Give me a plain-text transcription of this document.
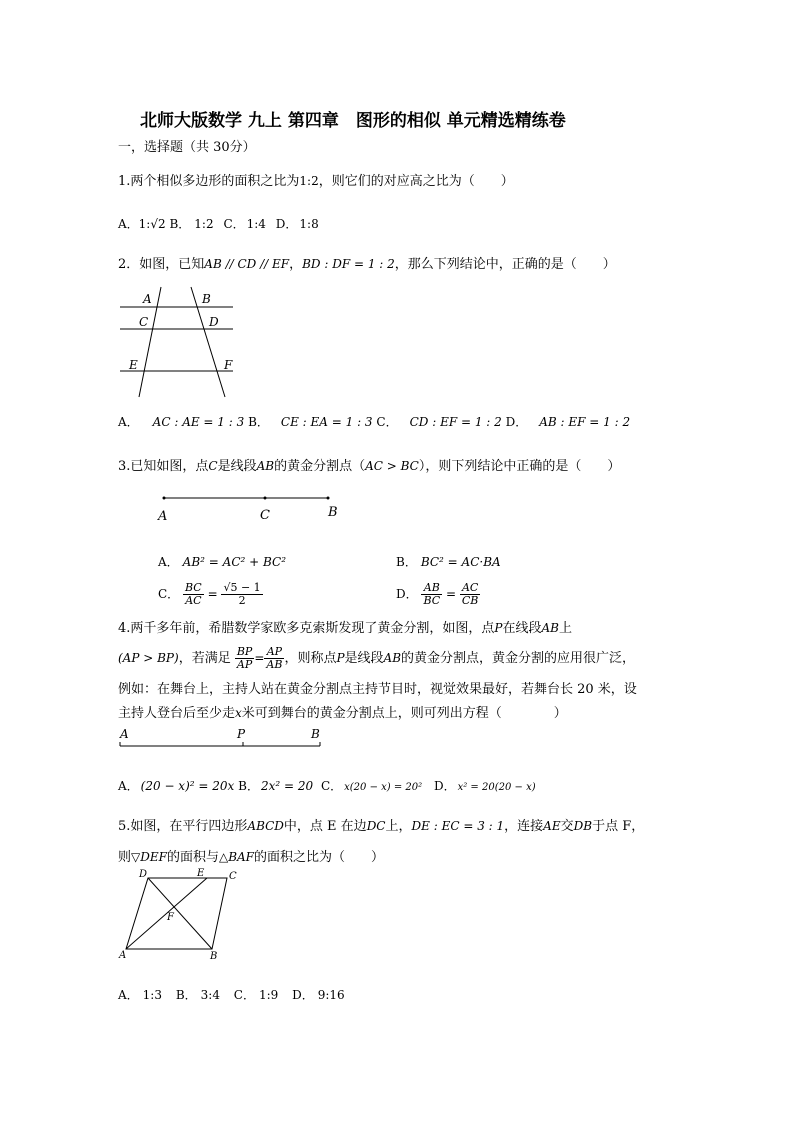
北师大版数学 九上 第四章　图形的相似 单元精选精练卷
一，选择题（共 30分）
1.两个相似多边形的面积之比为1:2，则它们的对应高之比为（　　）
A．1:√2 B． 1:2 C． 1:4 D． 1:8
2．如图，已知AB // CD // EF，BD : DF = 1 : 2，那么下列结论中，正确的是（　　）
A	B
C	D
E	F
A． AC : AE = 1 : 3 B． CE : EA = 1 : 3 C． CD : EF = 1 : 2 D． AB : EF = 1 : 2
3.已知如图，点C是线段AB的黄金分割点（AC > BC），则下列结论中正确的是（　　）
A	C	B
A． AB² = AC² + BC²	B． BC² = AC·BA
C． $\frac{BC}{AC} = \frac{√5 - 1}{2}$	D． $\frac{AB}{BC} = \frac{AC}{CB}$
4.两千多年前，希腊数学家欧多克索斯发现了黄金分割，如图，点P在线段AB上
(AP > BP)，若满足 $\frac{BP}{AP} = \frac{AP}{AB}$ ，则称点P是线段AB的黄金分割点，黄金分割的应用很广泛，
例如：在舞台上，主持人站在黄金分割点主持节目时，视觉效果最好，若舞台长 20 米，设
主持人登台后至少走x米可到舞台的黄金分割点上，则可列出方程（　　　　）
A	P	B
A． (20 − x)² = 20x B． 2x² = 20 C． x(20 − x) = 20² D． x² = 20(20 − x)
5.如图，在平行四边形ABCD中，点 E 在边DC上，DE : EC = 3 : 1，连接AE交DB于点 F，
则▽DEF的面积与△BAF的面积之比为（　　）
D	E C
F
A	B
A． 1:3 B． 3:4 C． 1:9 D． 9:16
